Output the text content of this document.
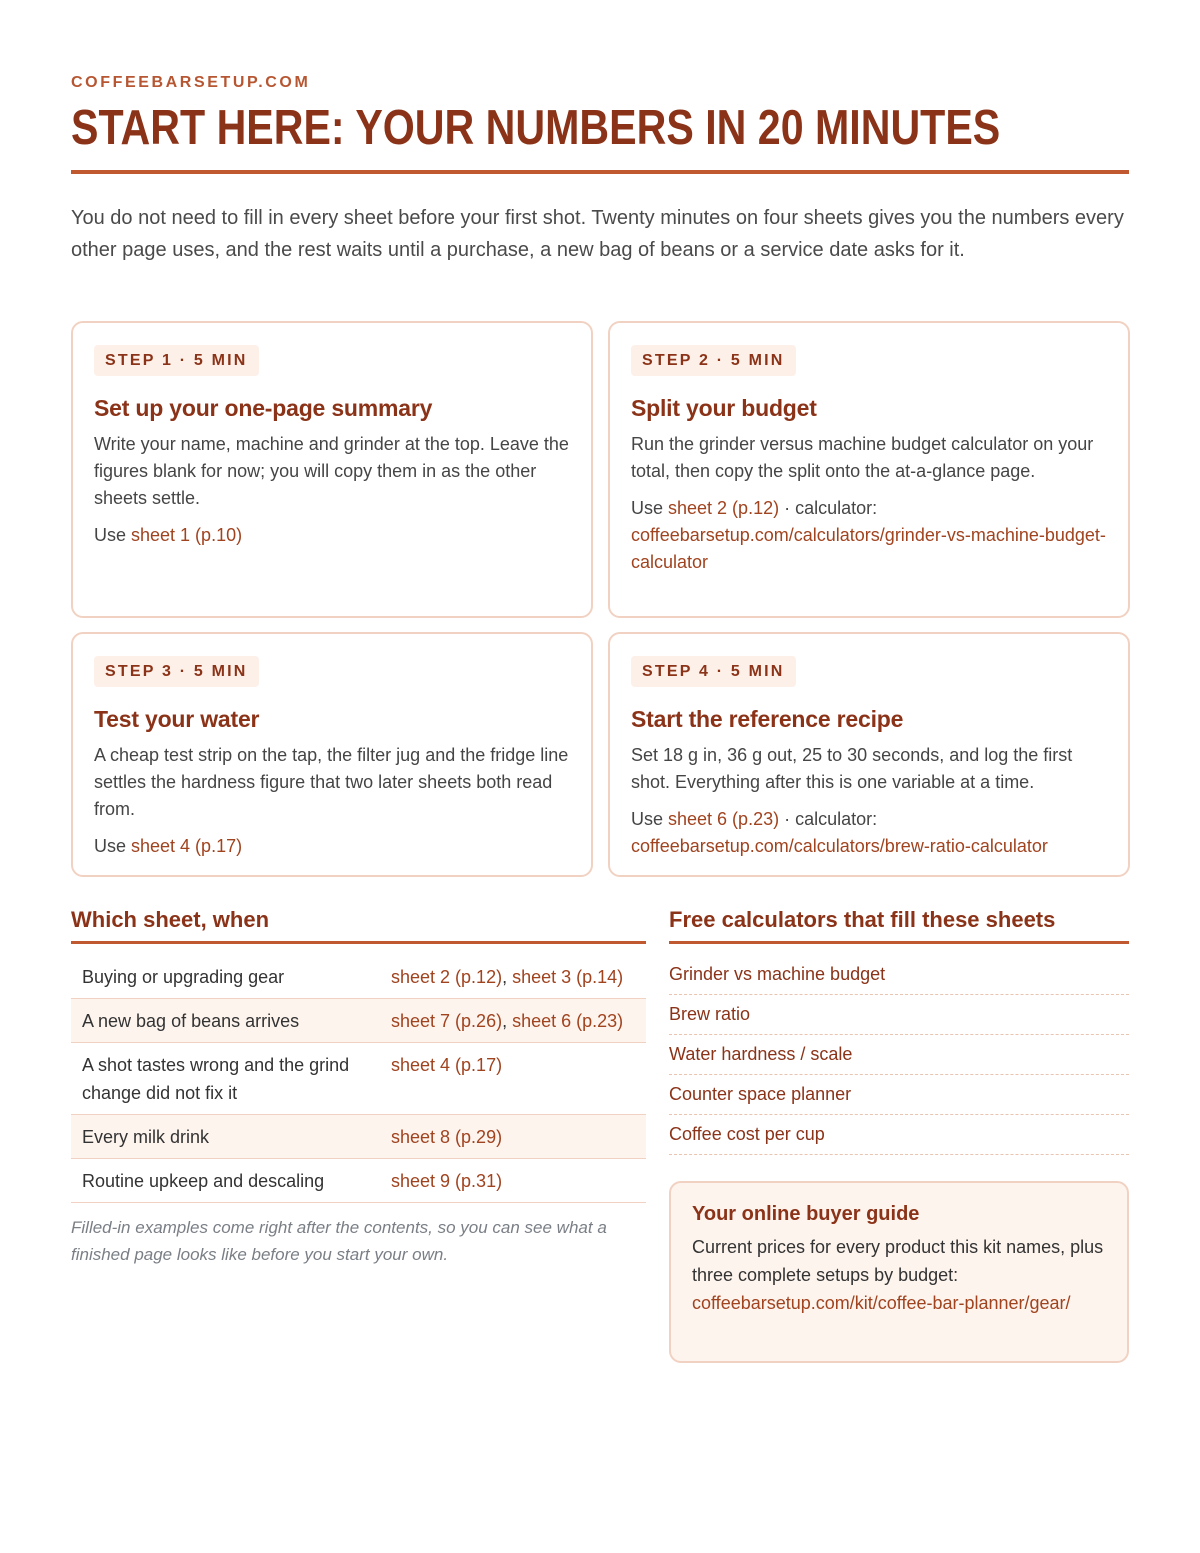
COFFEEBARSETUP.COM
START HERE: YOUR NUMBERS IN 20 MINUTES
You do not need to fill in every sheet before your first shot. Twenty minutes on four sheets gives you the numbers every other page uses, and the rest waits until a purchase, a new bag of beans or a service date asks for it.
STEP 1 · 5 MIN
Set up your one-page summary

Write your name, machine and grinder at the top. Leave the figures blank for now; you will copy them in as the other sheets settle.

Use sheet 1 (p.10)
STEP 2 · 5 MIN
Split your budget

Run the grinder versus machine budget calculator on your total, then copy the split onto the at-a-glance page.

Use sheet 2 (p.12) · calculator: coffeebarsetup.com/calculators/grinder-vs-machine-budget-calculator
STEP 3 · 5 MIN
Test your water

A cheap test strip on the tap, the filter jug and the fridge line settles the hardness figure that two later sheets both read from.

Use sheet 4 (p.17)
STEP 4 · 5 MIN
Start the reference recipe

Set 18 g in, 36 g out, 25 to 30 seconds, and log the first shot. Everything after this is one variable at a time.

Use sheet 6 (p.23) · calculator:
coffeebarsetup.com/calculators/brew-ratio-calculator
Which sheet, when
Buying or upgrading gear	sheet 2 (p.12), sheet 3 (p.14)
A new bag of beans arrives	sheet 7 (p.26), sheet 6 (p.23)
A shot tastes wrong and the grind change did not fix it	sheet 4 (p.17)
Every milk drink	sheet 8 (p.29)
Routine upkeep and descaling	sheet 9 (p.31)
Filled-in examples come right after the contents, so you can see what a finished page looks like before you start your own.
Free calculators that fill these sheets
Grinder vs machine budget
Brew ratio
Water hardness / scale
Counter space planner
Coffee cost per cup
Your online buyer guide

Current prices for every product this kit names, plus three complete setups by budget:
coffeebarsetup.com/kit/coffee-bar-planner/gear/
